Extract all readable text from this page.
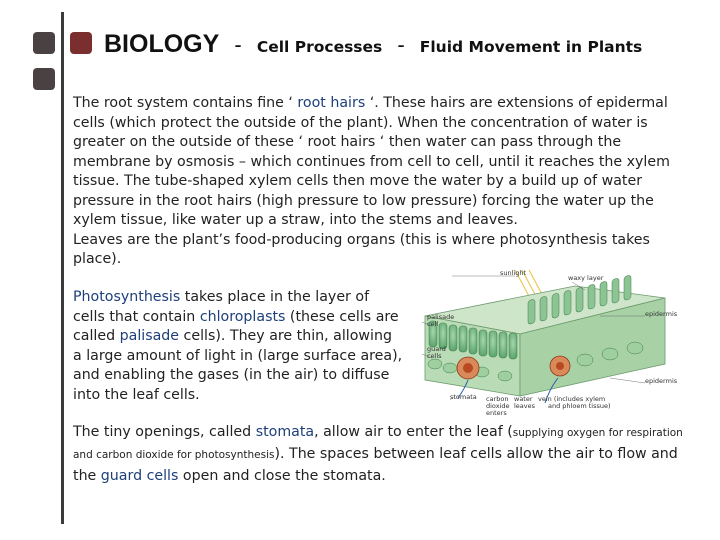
BIOLOGY - Cell Processes - Fluid Movement in Plants
The root system contains fine ‘ root hairs ‘. These hairs are extensions of epidermal cells (which protect the outside of the plant). When the concentration of water is greater on the outside of these ‘ root hairs ‘ then water can pass through the membrane by osmosis – which continues from cell to cell, until it reaches the xylem tissue. The tube-shaped xylem cells then move the water by a build up of water pressure in the root hairs (high pressure to low pressure) forcing the water up the xylem tissue, like water up a straw, into the stems and leaves.
Leaves are the plant’s food-producing organs (this is where photosynthesis takes place).
Photosynthesis takes place in the layer of cells that contain chloroplasts (these cells are called palisade cells). They are thin, allowing a large amount of light in (large surface area), and enabling the gases (in the air) to diffuse into the leaf cells.
sunlight
waxy layer
palisade
cell
epidermis
guard
cells
epidermis
stomata carbon
dioxide
enters
water
leaves
vein (includes xylem
and phloem tissue)
The tiny openings, called stomata, allow air to enter the leaf (supplying oxygen for respiration and carbon dioxide for photosynthesis). The spaces between leaf cells allow the air to flow and the guard cells open and close the stomata.
